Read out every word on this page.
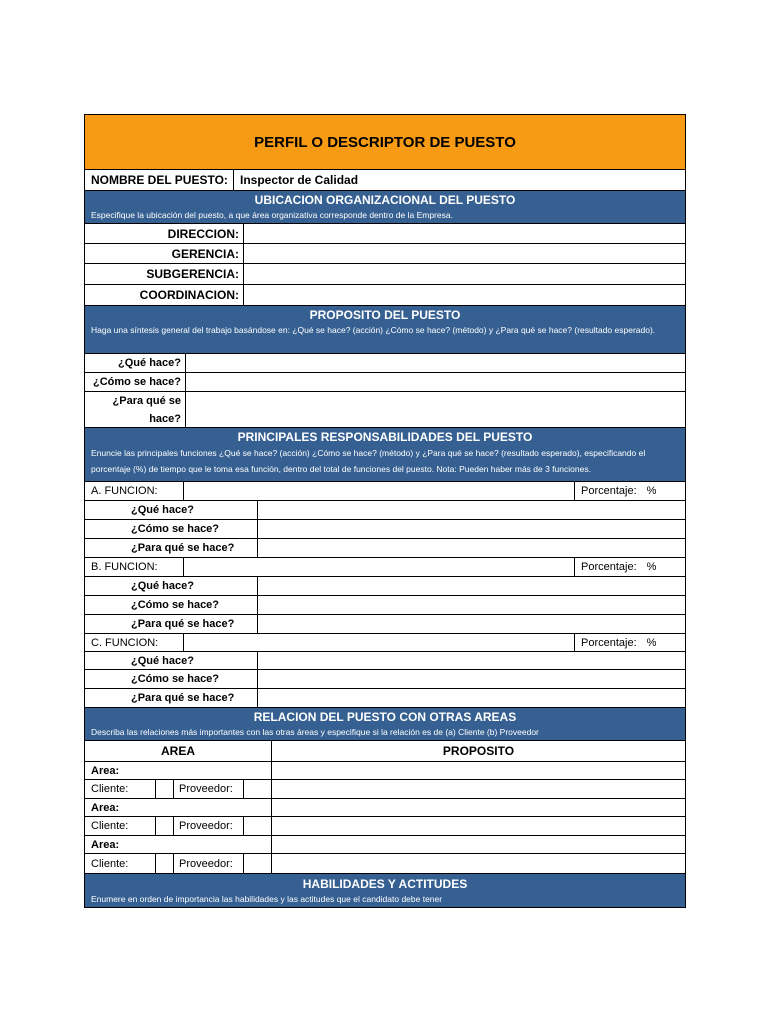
PERFIL O DESCRIPTOR DE PUESTO
NOMBRE DEL PUESTO:	Inspector de Calidad
UBICACION ORGANIZACIONAL DEL PUESTO
Especifique la ubicación del puesto, a que área organizativa corresponde dentro de la Empresa.
DIRECCION:
GERENCIA:
SUBGERENCIA:
COORDINACION:
PROPOSITO DEL PUESTO
Haga una síntesis general del trabajo basándose en: ¿Qué se hace? (acción) ¿Cómo se hace? (método) y ¿Para qué se hace? (resultado esperado).
¿Qué hace?
¿Cómo se hace?
¿Para qué se hace?
PRINCIPALES RESPONSABILIDADES DEL PUESTO
Enuncie las principales funciones ¿Qué se hace? (acción) ¿Cómo se hace? (método) y ¿Para qué se hace? (resultado esperado), especificando el
porcentaje (%) de tiempo que le toma esa función, dentro del total de funciones del puesto. Nota: Pueden haber más de 3 funciones.
A. FUNCION:	Porcentaje: %
¿Qué hace?
¿Cómo se hace?
¿Para qué se hace?
B. FUNCION:	Porcentaje: %
¿Qué hace?
¿Cómo se hace?
¿Para qué se hace?
C. FUNCION:	Porcentaje: %
¿Qué hace?
¿Cómo se hace?
¿Para qué se hace?
RELACION DEL PUESTO CON OTRAS AREAS
Describa las relaciones más importantes con las otras áreas y especifique si la relación es de (a) Cliente (b) Proveedor
AREA	PROPOSITO
Area:
Cliente:	Proveedor:
Area:
Cliente:	Proveedor:
Area:
Cliente:	Proveedor:
HABILIDADES Y ACTITUDES
Enumere en orden de importancia las habilidades y las actitudes que el candidato debe tener
